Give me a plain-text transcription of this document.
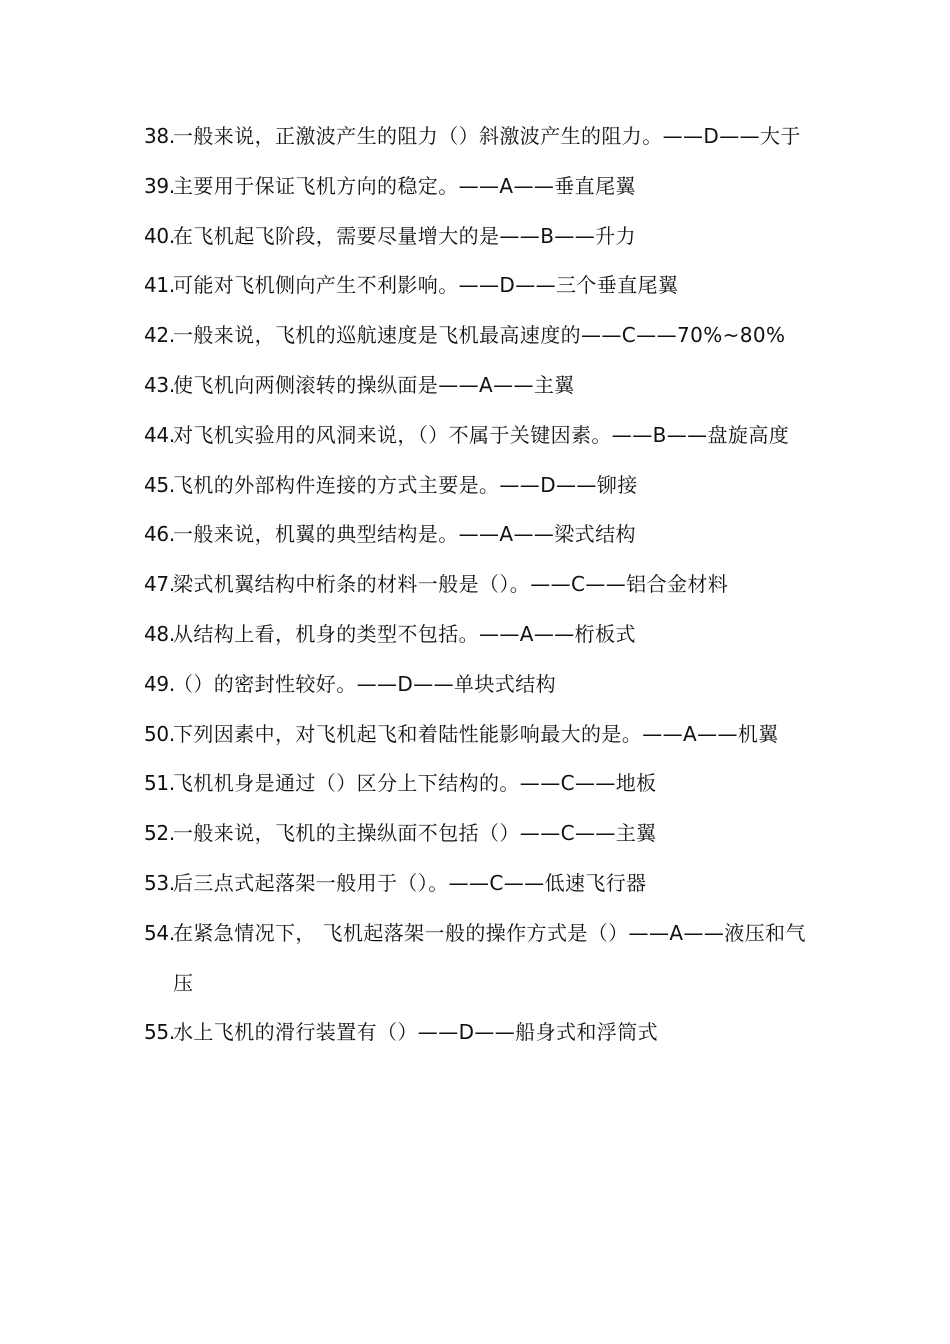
38.
一般来说，正激波产生的阻力（）斜激波产生的阻力。——D——大于
39.
主要用于保证飞机方向的稳定。——A——垂直尾翼
40.
在飞机起飞阶段，需要尽量增大的是——B——升力
41.
可能对飞机侧向产生不利影响。——D——三个垂直尾翼
42.
一般来说，飞机的巡航速度是飞机最高速度的——C——70%~80%
43.
使飞机向两侧滚转的操纵面是——A——主翼
44.
对飞机实验用的风洞来说，（）不属于关键因素。——B——盘旋高度
45.
飞机的外部构件连接的方式主要是。——D——铆接
46.
一般来说，机翼的典型结构是。——A——梁式结构
47.
梁式机翼结构中桁条的材料一般是（）。——C——铝合金材料
48.
从结构上看，机身的类型不包括。——A——桁板式
49.
（）的密封性较好。——D——单块式结构
50.
下列因素中，对飞机起飞和着陆性能影响最大的是。——A——机翼
51.
飞机机身是通过（）区分上下结构的。——C——地板
52.
一般来说，飞机的主操纵面不包括（）——C——主翼
53.
后三点式起落架一般用于（）。——C——低速飞行器
54.
在紧急情况下， 飞机起落架一般的操作方式是（）——A——液压和气压
55.
水上飞机的滑行装置有（）——D——船身式和浮筒式
